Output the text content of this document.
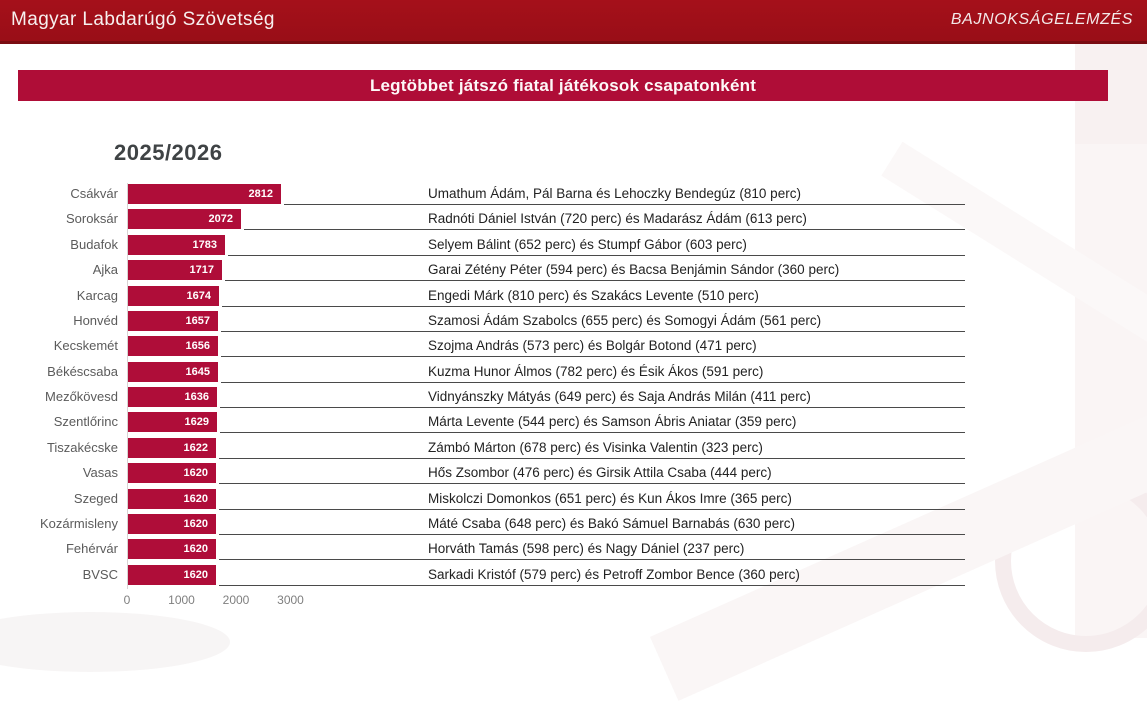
Magyar Labdarúgó Szövetség	BAJNOKSÁGELEMZÉS
Legtöbbet játszó fiatal játékosok csapatonként
2025/2026
Csákvár	2812	Umathum Ádám, Pál Barna és Lehoczky Bendegúz (810 perc)
Soroksár	2072	Radnóti Dániel István (720 perc) és Madarász Ádám (613 perc)
Budafok	1783	Selyem Bálint (652 perc) és Stumpf Gábor (603 perc)
Ajka	1717	Garai Zétény Péter (594 perc) és Bacsa Benjámin Sándor (360 perc)
Karcag	1674	Engedi Márk (810 perc) és Szakács Levente (510 perc)
Honvéd	1657	Szamosi Ádám Szabolcs (655 perc) és Somogyi Ádám (561 perc)
Kecskemét	1656	Szojma András (573 perc) és Bolgár Botond (471 perc)
Békéscsaba	1645	Kuzma Hunor Álmos (782 perc) és Ésik Ákos (591 perc)
Mezőkövesd	1636	Vidnyánszky Mátyás (649 perc) és Saja András Milán (411 perc)
Szentlőrinc	1629	Márta Levente (544 perc) és Samson Ábris Aniatar (359 perc)
Tiszakécske	1622	Zámbó Márton (678 perc) és Visinka Valentin (323 perc)
Vasas	1620	Hős Zsombor (476 perc) és Girsik Attila Csaba (444 perc)
Szeged	1620	Miskolczi Domonkos (651 perc) és Kun Ákos Imre (365 perc)
Kozármisleny	1620	Máté Csaba (648 perc) és Bakó Sámuel Barnabás (630 perc)
Fehérvár	1620	Horváth Tamás (598 perc) és Nagy Dániel (237 perc)
BVSC	1620	Sarkadi Kristóf (579 perc) és Petroff Zombor Bence (360 perc)
0	1000 2000 3000
